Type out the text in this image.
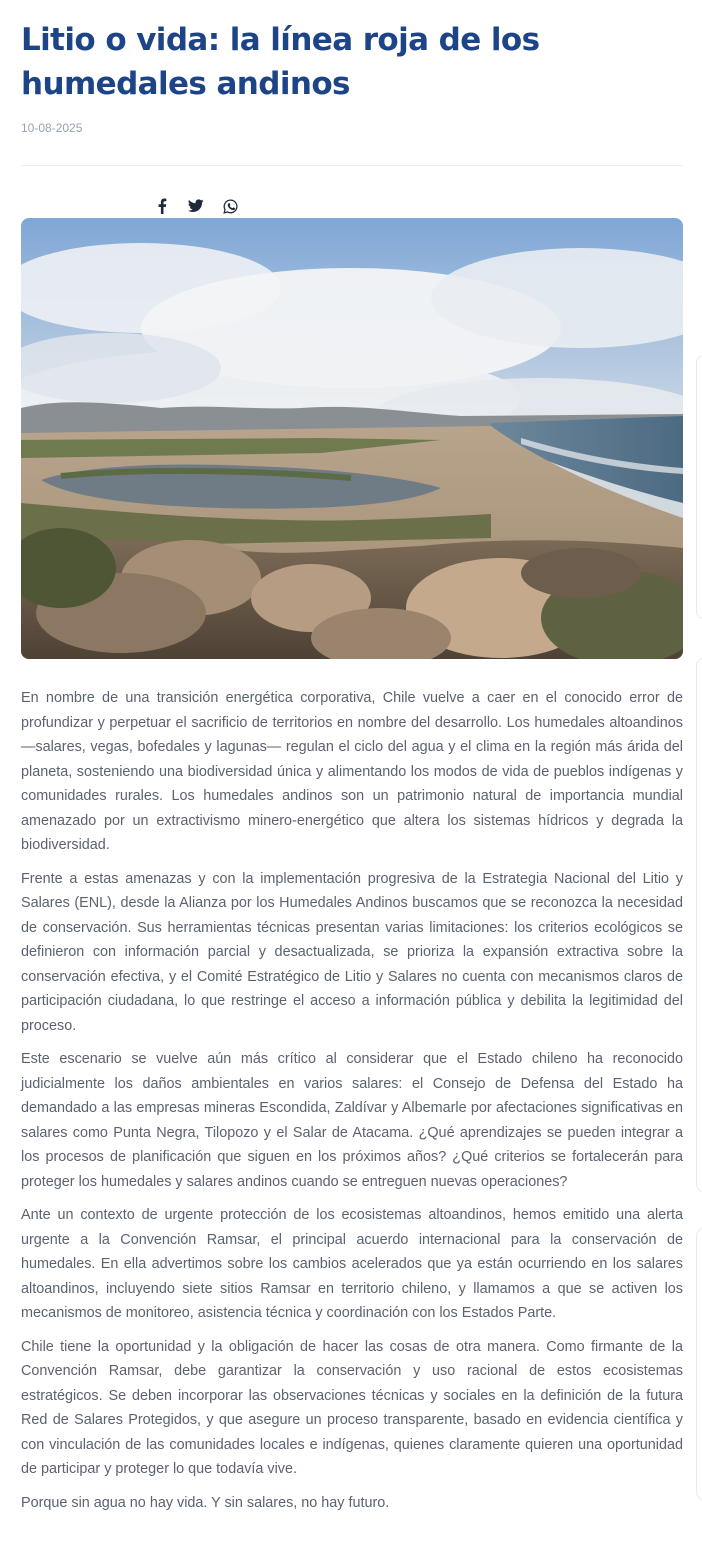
Litio o vida: la línea roja de los humedales andinos
10-08-2025

En nombre de una transición energética corporativa, Chile vuelve a caer en el conocido error de profundizar y perpetuar el sacrificio de territorios en nombre del desarrollo. Los humedales altoandinos —salares, vegas, bofedales y lagunas— regulan el ciclo del agua y el clima en la región más árida del planeta, sosteniendo una biodiversidad única y alimentando los modos de vida de pueblos indígenas y comunidades rurales. Los humedales andinos son un patrimonio natural de importancia mundial amenazado por un extractivismo minero-energético que altera los sistemas hídricos y degrada la biodiversidad.

Frente a estas amenazas y con la implementación progresiva de la Estrategia Nacional del Litio y Salares (ENL), desde la Alianza por los Humedales Andinos buscamos que se reconozca la necesidad de conservación. Sus herramientas técnicas presentan varias limitaciones: los criterios ecológicos se definieron con información parcial y desactualizada, se prioriza la expansión extractiva sobre la conservación efectiva, y el Comité Estratégico de Litio y Salares no cuenta con mecanismos claros de participación ciudadana, lo que restringe el acceso a información pública y debilita la legitimidad del proceso.

Este escenario se vuelve aún más crítico al considerar que el Estado chileno ha reconocido judicialmente los daños ambientales en varios salares: el Consejo de Defensa del Estado ha demandado a las empresas mineras Escondida, Zaldívar y Albemarle por afectaciones significativas en salares como Punta Negra, Tilopozo y el Salar de Atacama. ¿Qué aprendizajes se pueden integrar a los procesos de planificación que siguen en los próximos años? ¿Qué criterios se fortalecerán para proteger los humedales y salares andinos cuando se entreguen nuevas operaciones?

Ante un contexto de urgente protección de los ecosistemas altoandinos, hemos emitido una alerta urgente a la Convención Ramsar, el principal acuerdo internacional para la conservación de humedales. En ella advertimos sobre los cambios acelerados que ya están ocurriendo en los salares altoandinos, incluyendo siete sitios Ramsar en territorio chileno, y llamamos a que se activen los mecanismos de monitoreo, asistencia técnica y coordinación con los Estados Parte.

Chile tiene la oportunidad y la obligación de hacer las cosas de otra manera. Como firmante de la Convención Ramsar, debe garantizar la conservación y uso racional de estos ecosistemas estratégicos. Se deben incorporar las observaciones técnicas y sociales en la definición de la futura Red de Salares Protegidos, y que asegure un proceso transparente, basado en evidencia científica y con vinculación de las comunidades locales e indígenas, quienes claramente quieren una oportunidad de participar y proteger lo que todavía vive.

Porque sin agua no hay vida. Y sin salares, no hay futuro.
